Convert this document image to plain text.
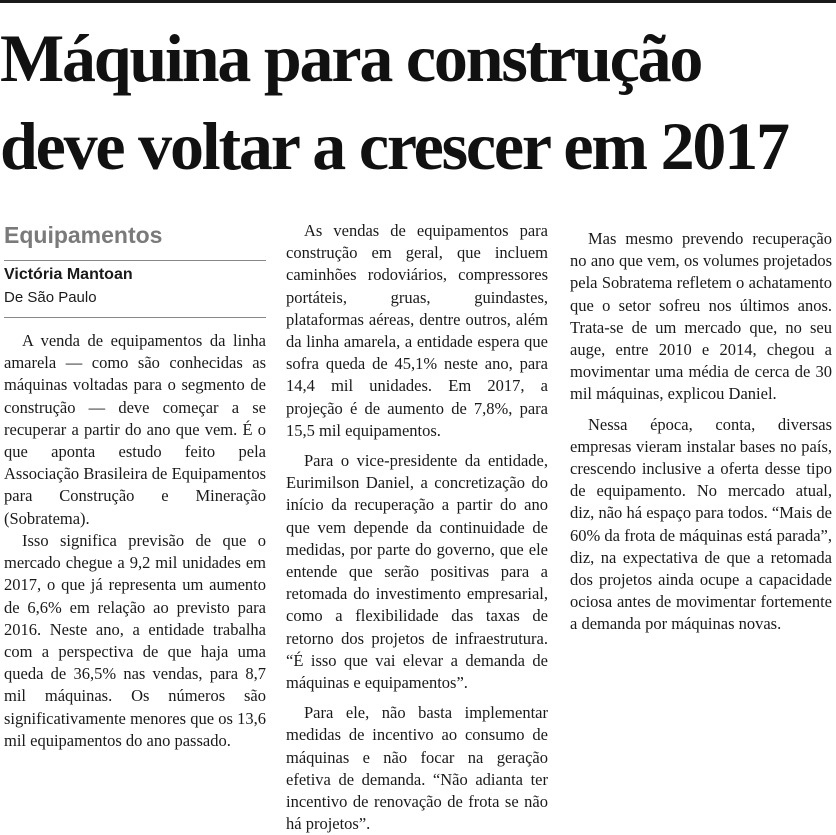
Máquina para construção
deve voltar a crescer em 2017
Equipamentos
Victória Mantoan
De São Paulo

A venda de equipamentos da linha amarela — como são conhecidas as máquinas voltadas para o segmento de construção — deve começar a se recuperar a partir do ano que vem. É o que aponta estudo feito pela Associação Brasileira de Equipamentos para Construção e Mineração (Sobratema).

Isso significa previsão de que o mercado chegue a 9,2 mil unidades em 2017, o que já representa um aumento de 6,6% em relação ao previsto para 2016. Neste ano, a entidade trabalha com a perspectiva de que haja uma queda de 36,5% nas vendas, para 8,7 mil máquinas. Os números são significativamente menores que os 13,6 mil equipamentos do ano passado.

As vendas de equipamentos para construção em geral, que incluem caminhões rodoviários, compressores portáteis, gruas, guindastes, plataformas aéreas, dentre outros, além da linha amarela, a entidade espera que sofra queda de 45,1% neste ano, para 14,4 mil unidades. Em 2017, a projeção é de aumento de 7,8%, para 15,5 mil equipamentos.

Para o vice-presidente da entidade, Eurimilson Daniel, a concretização do início da recuperação a partir do ano que vem depende da continuidade de medidas, por parte do governo, que ele entende que serão positivas para a retomada do investimento empresarial, como a flexibilidade das taxas de retorno dos projetos de infraestrutura. “É isso que vai elevar a demanda de máquinas e equipamentos”.

Para ele, não basta implementar medidas de incentivo ao consumo de máquinas e não focar na geração efetiva de demanda. “Não adianta ter incentivo de renovação de frota se não há projetos”.

Mas mesmo prevendo recuperação no ano que vem, os volumes projetados pela Sobratema refletem o achatamento que o setor sofreu nos últimos anos. Trata-se de um mercado que, no seu auge, entre 2010 e 2014, chegou a movimentar uma média de cerca de 30 mil máquinas, explicou Daniel.

Nessa época, conta, diversas empresas vieram instalar bases no país, crescendo inclusive a oferta desse tipo de equipamento. No mercado atual, diz, não há espaço para todos. “Mais de 60% da frota de máquinas está parada”, diz, na expectativa de que a retomada dos projetos ainda ocupe a capacidade ociosa antes de movimentar fortemente a demanda por máquinas novas.
